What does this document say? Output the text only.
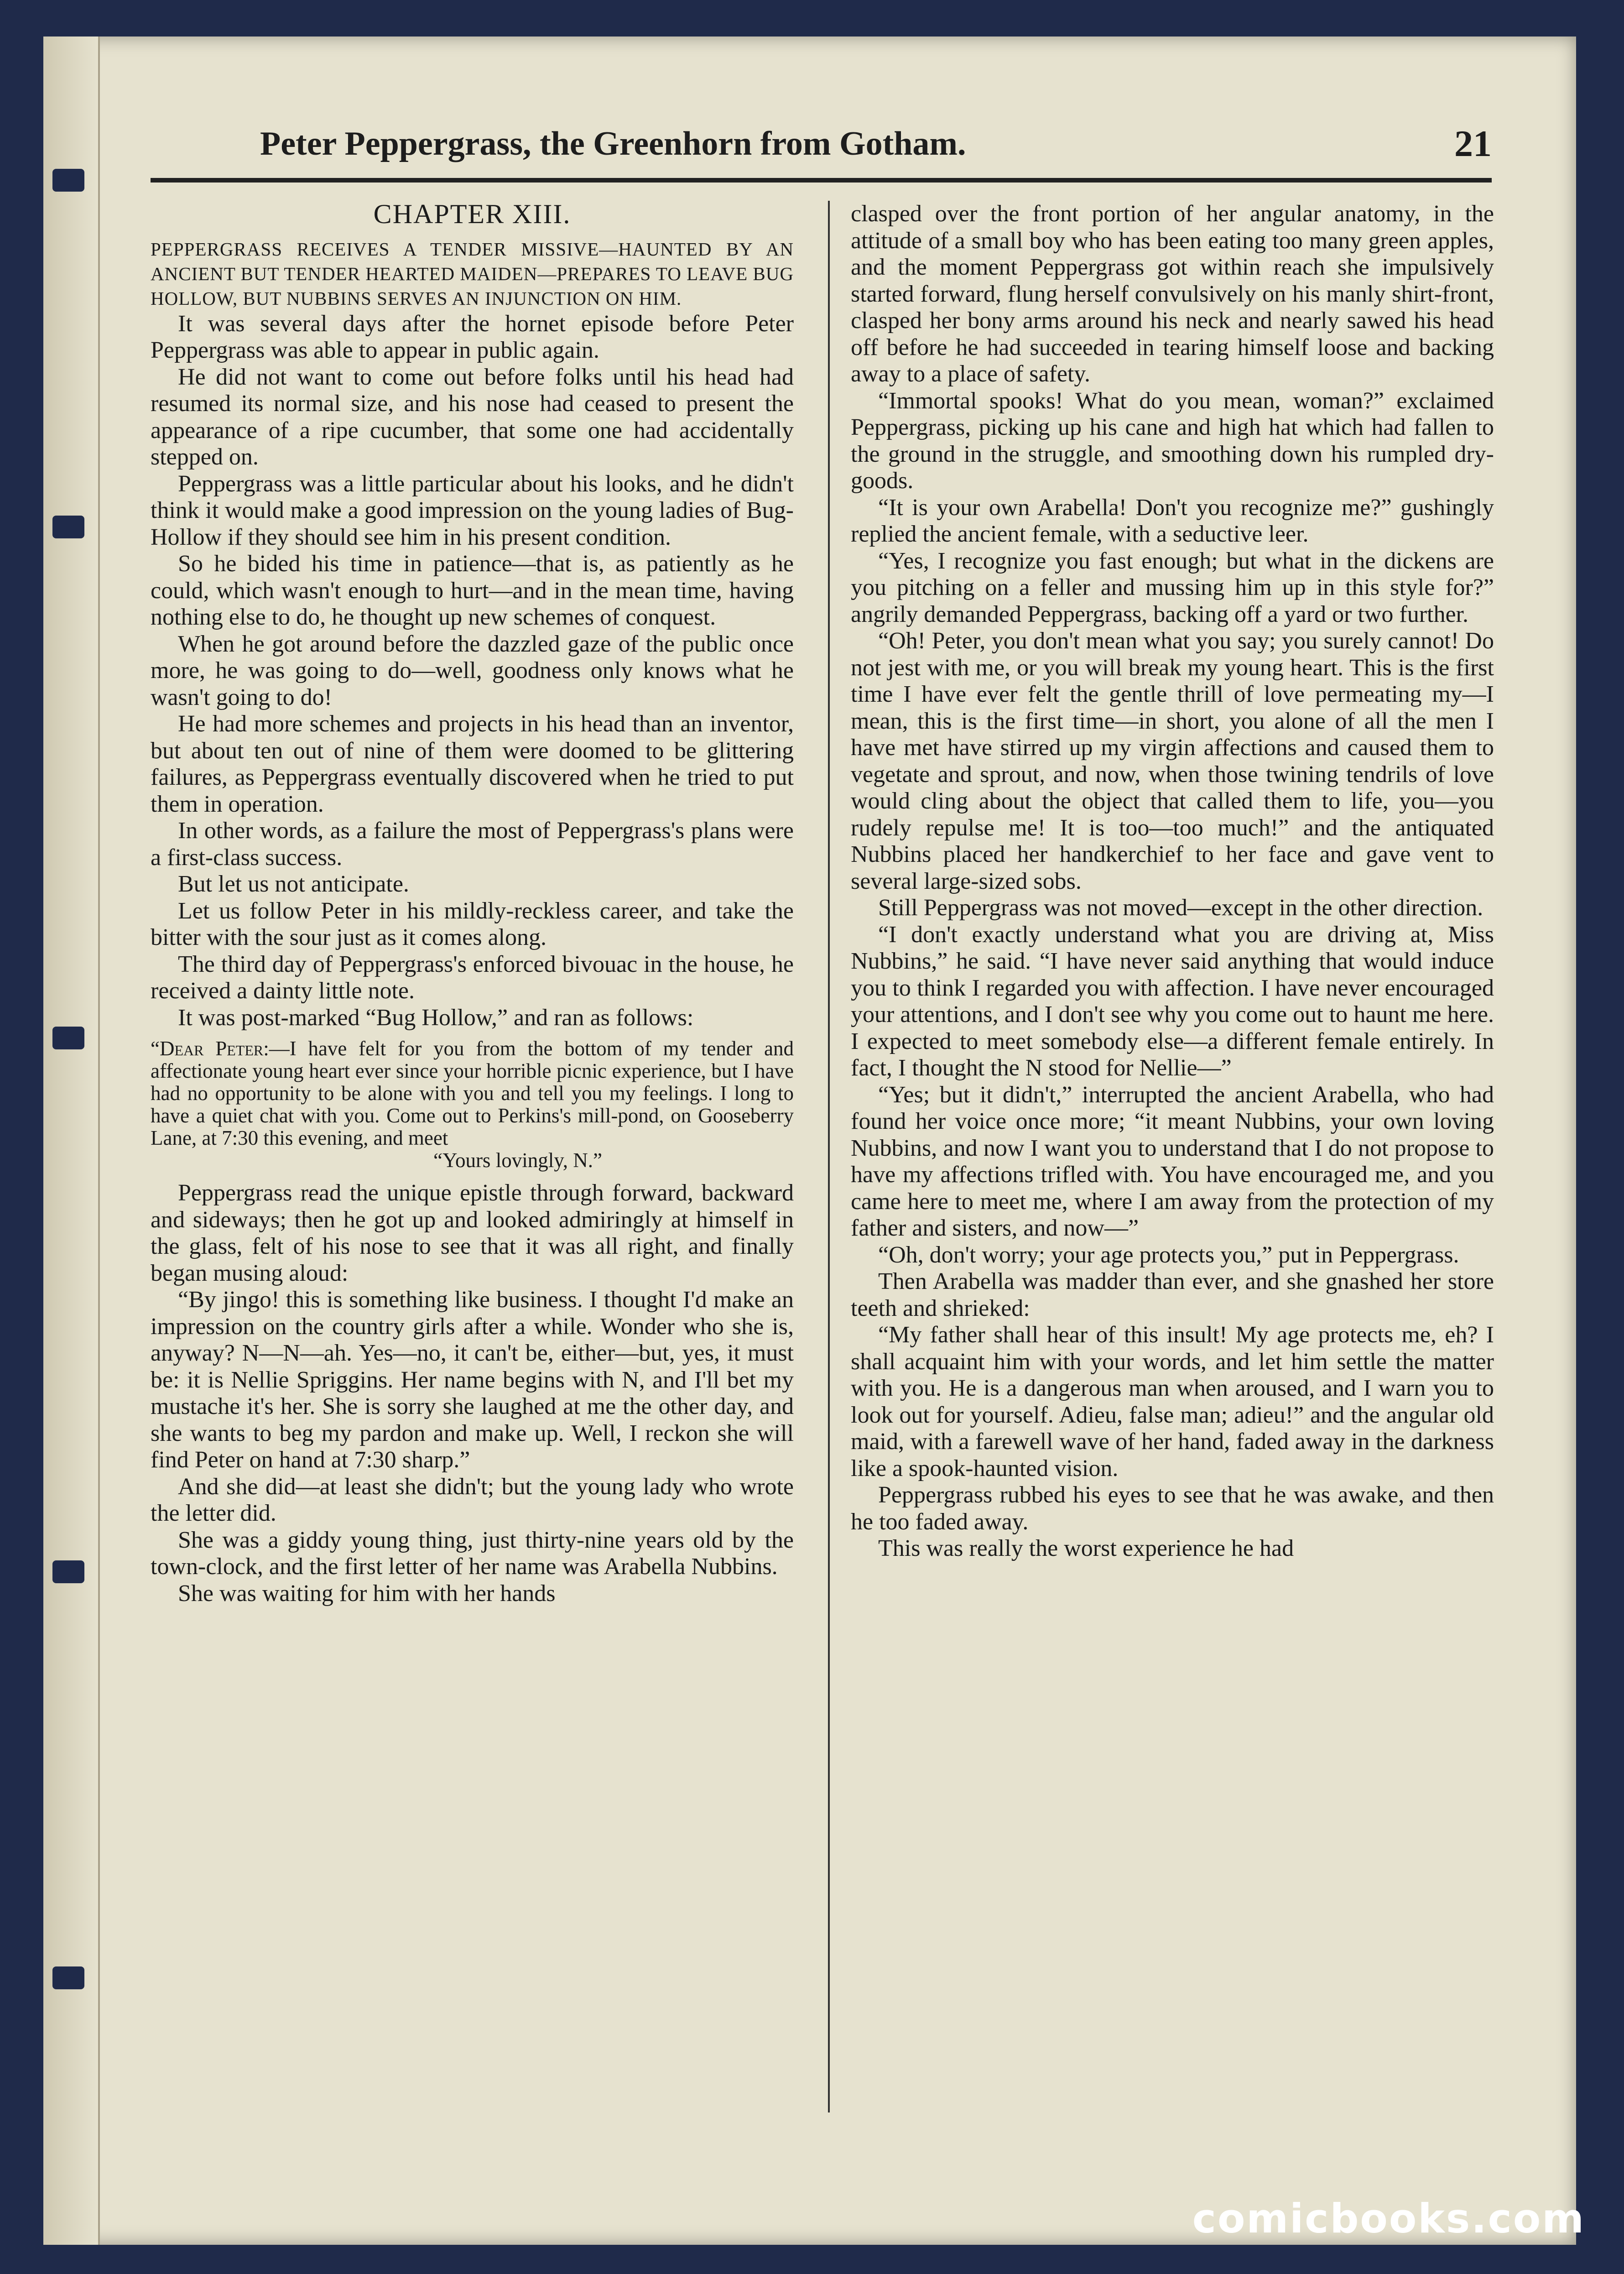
Peter Peppergrass, the Greenhorn from Gotham.	21
CHAPTER XIII.

PEPPERGRASS RECEIVES A TENDER MISSIVE—HAUNTED BY AN ANCIENT BUT TENDER HEARTED MAIDEN—PREPARES TO LEAVE BUG HOLLOW, BUT NUBBINS SERVES AN INJUNCTION ON HIM.

It was several days after the hornet episode before Peter Peppergrass was able to appear in public again.

He did not want to come out before folks until his head had resumed its normal size, and his nose had ceased to present the appearance of a ripe cucumber, that some one had accidentally stepped on.

Peppergrass was a little particular about his looks, and he didn't think it would make a good impression on the young ladies of Bug-Hollow if they should see him in his present condition.

So he bided his time in patience—that is, as patiently as he could, which wasn't enough to hurt—and in the mean time, having nothing else to do, he thought up new schemes of conquest.

When he got around before the dazzled gaze of the public once more, he was going to do—well, goodness only knows what he wasn't going to do!

He had more schemes and projects in his head than an inventor, but about ten out of nine of them were doomed to be glittering failures, as Peppergrass eventually discovered when he tried to put them in operation.

In other words, as a failure the most of Peppergrass's plans were a first-class success.

But let us not anticipate.

Let us follow Peter in his mildly-reckless career, and take the bitter with the sour just as it comes along.

The third day of Peppergrass's enforced bivouac in the house, he received a dainty little note.

It was post-marked “Bug Hollow,” and ran as follows:

“Dear Peter:—I have felt for you from the bottom of my tender and affectionate young heart ever since your horrible picnic experience, but I have had no opportunity to be alone with you and tell you my feelings. I long to have a quiet chat with you. Come out to Perkins's mill-pond, on Gooseberry Lane, at 7:30 this evening, and meet
“Yours lovingly, N.”

Peppergrass read the unique epistle through forward, backward and sideways; then he got up and looked admiringly at himself in the glass, felt of his nose to see that it was all right, and finally began musing aloud:

“By jingo! this is something like business. I thought I'd make an impression on the country girls after a while. Wonder who she is, anyway? N—N—ah. Yes—no, it can't be, either—but, yes, it must be: it is Nellie Spriggins. Her name begins with N, and I'll bet my mustache it's her. She is sorry she laughed at me the other day, and she wants to beg my pardon and make up. Well, I reckon she will find Peter on hand at 7:30 sharp.”

And she did—at least she didn't; but the young lady who wrote the letter did.

She was a giddy young thing, just thirty-nine years old by the town-clock, and the first letter of her name was Arabella Nubbins.

She was waiting for him with her hands

clasped over the front portion of her angular anatomy, in the attitude of a small boy who has been eating too many green apples, and the moment Peppergrass got within reach she impulsively started forward, flung herself convulsively on his manly shirt-front, clasped her bony arms around his neck and nearly sawed his head off before he had succeeded in tearing himself loose and backing away to a place of safety.

“Immortal spooks! What do you mean, woman?” exclaimed Peppergrass, picking up his cane and high hat which had fallen to the ground in the struggle, and smoothing down his rumpled dry-goods.

“It is your own Arabella! Don't you recognize me?” gushingly replied the ancient female, with a seductive leer.

“Yes, I recognize you fast enough; but what in the dickens are you pitching on a feller and mussing him up in this style for?” angrily demanded Peppergrass, backing off a yard or two further.

“Oh! Peter, you don't mean what you say; you surely cannot! Do not jest with me, or you will break my young heart. This is the first time I have ever felt the gentle thrill of love permeating my—I mean, this is the first time—in short, you alone of all the men I have met have stirred up my virgin affections and caused them to vegetate and sprout, and now, when those twining tendrils of love would cling about the object that called them to life, you—you rudely repulse me! It is too—too much!” and the antiquated Nubbins placed her handkerchief to her face and gave vent to several large-sized sobs.

Still Peppergrass was not moved—except in the other direction.

“I don't exactly understand what you are driving at, Miss Nubbins,” he said. “I have never said anything that would induce you to think I regarded you with affection. I have never encouraged your attentions, and I don't see why you come out to haunt me here. I expected to meet somebody else—a different female entirely. In fact, I thought the N stood for Nellie—”

“Yes; but it didn't,” interrupted the ancient Arabella, who had found her voice once more; “it meant Nubbins, your own loving Nubbins, and now I want you to understand that I do not propose to have my affections trifled with. You have encouraged me, and you came here to meet me, where I am away from the protection of my father and sisters, and now—”

“Oh, don't worry; your age protects you,” put in Peppergrass.

Then Arabella was madder than ever, and she gnashed her store teeth and shrieked:

“My father shall hear of this insult! My age protects me, eh? I shall acquaint him with your words, and let him settle the matter with you. He is a dangerous man when aroused, and I warn you to look out for yourself. Adieu, false man; adieu!” and the angular old maid, with a farewell wave of her hand, faded away in the darkness like a spook-haunted vision.

Peppergrass rubbed his eyes to see that he was awake, and then he too faded away.

This was really the worst experience he had

comicbooks.com
